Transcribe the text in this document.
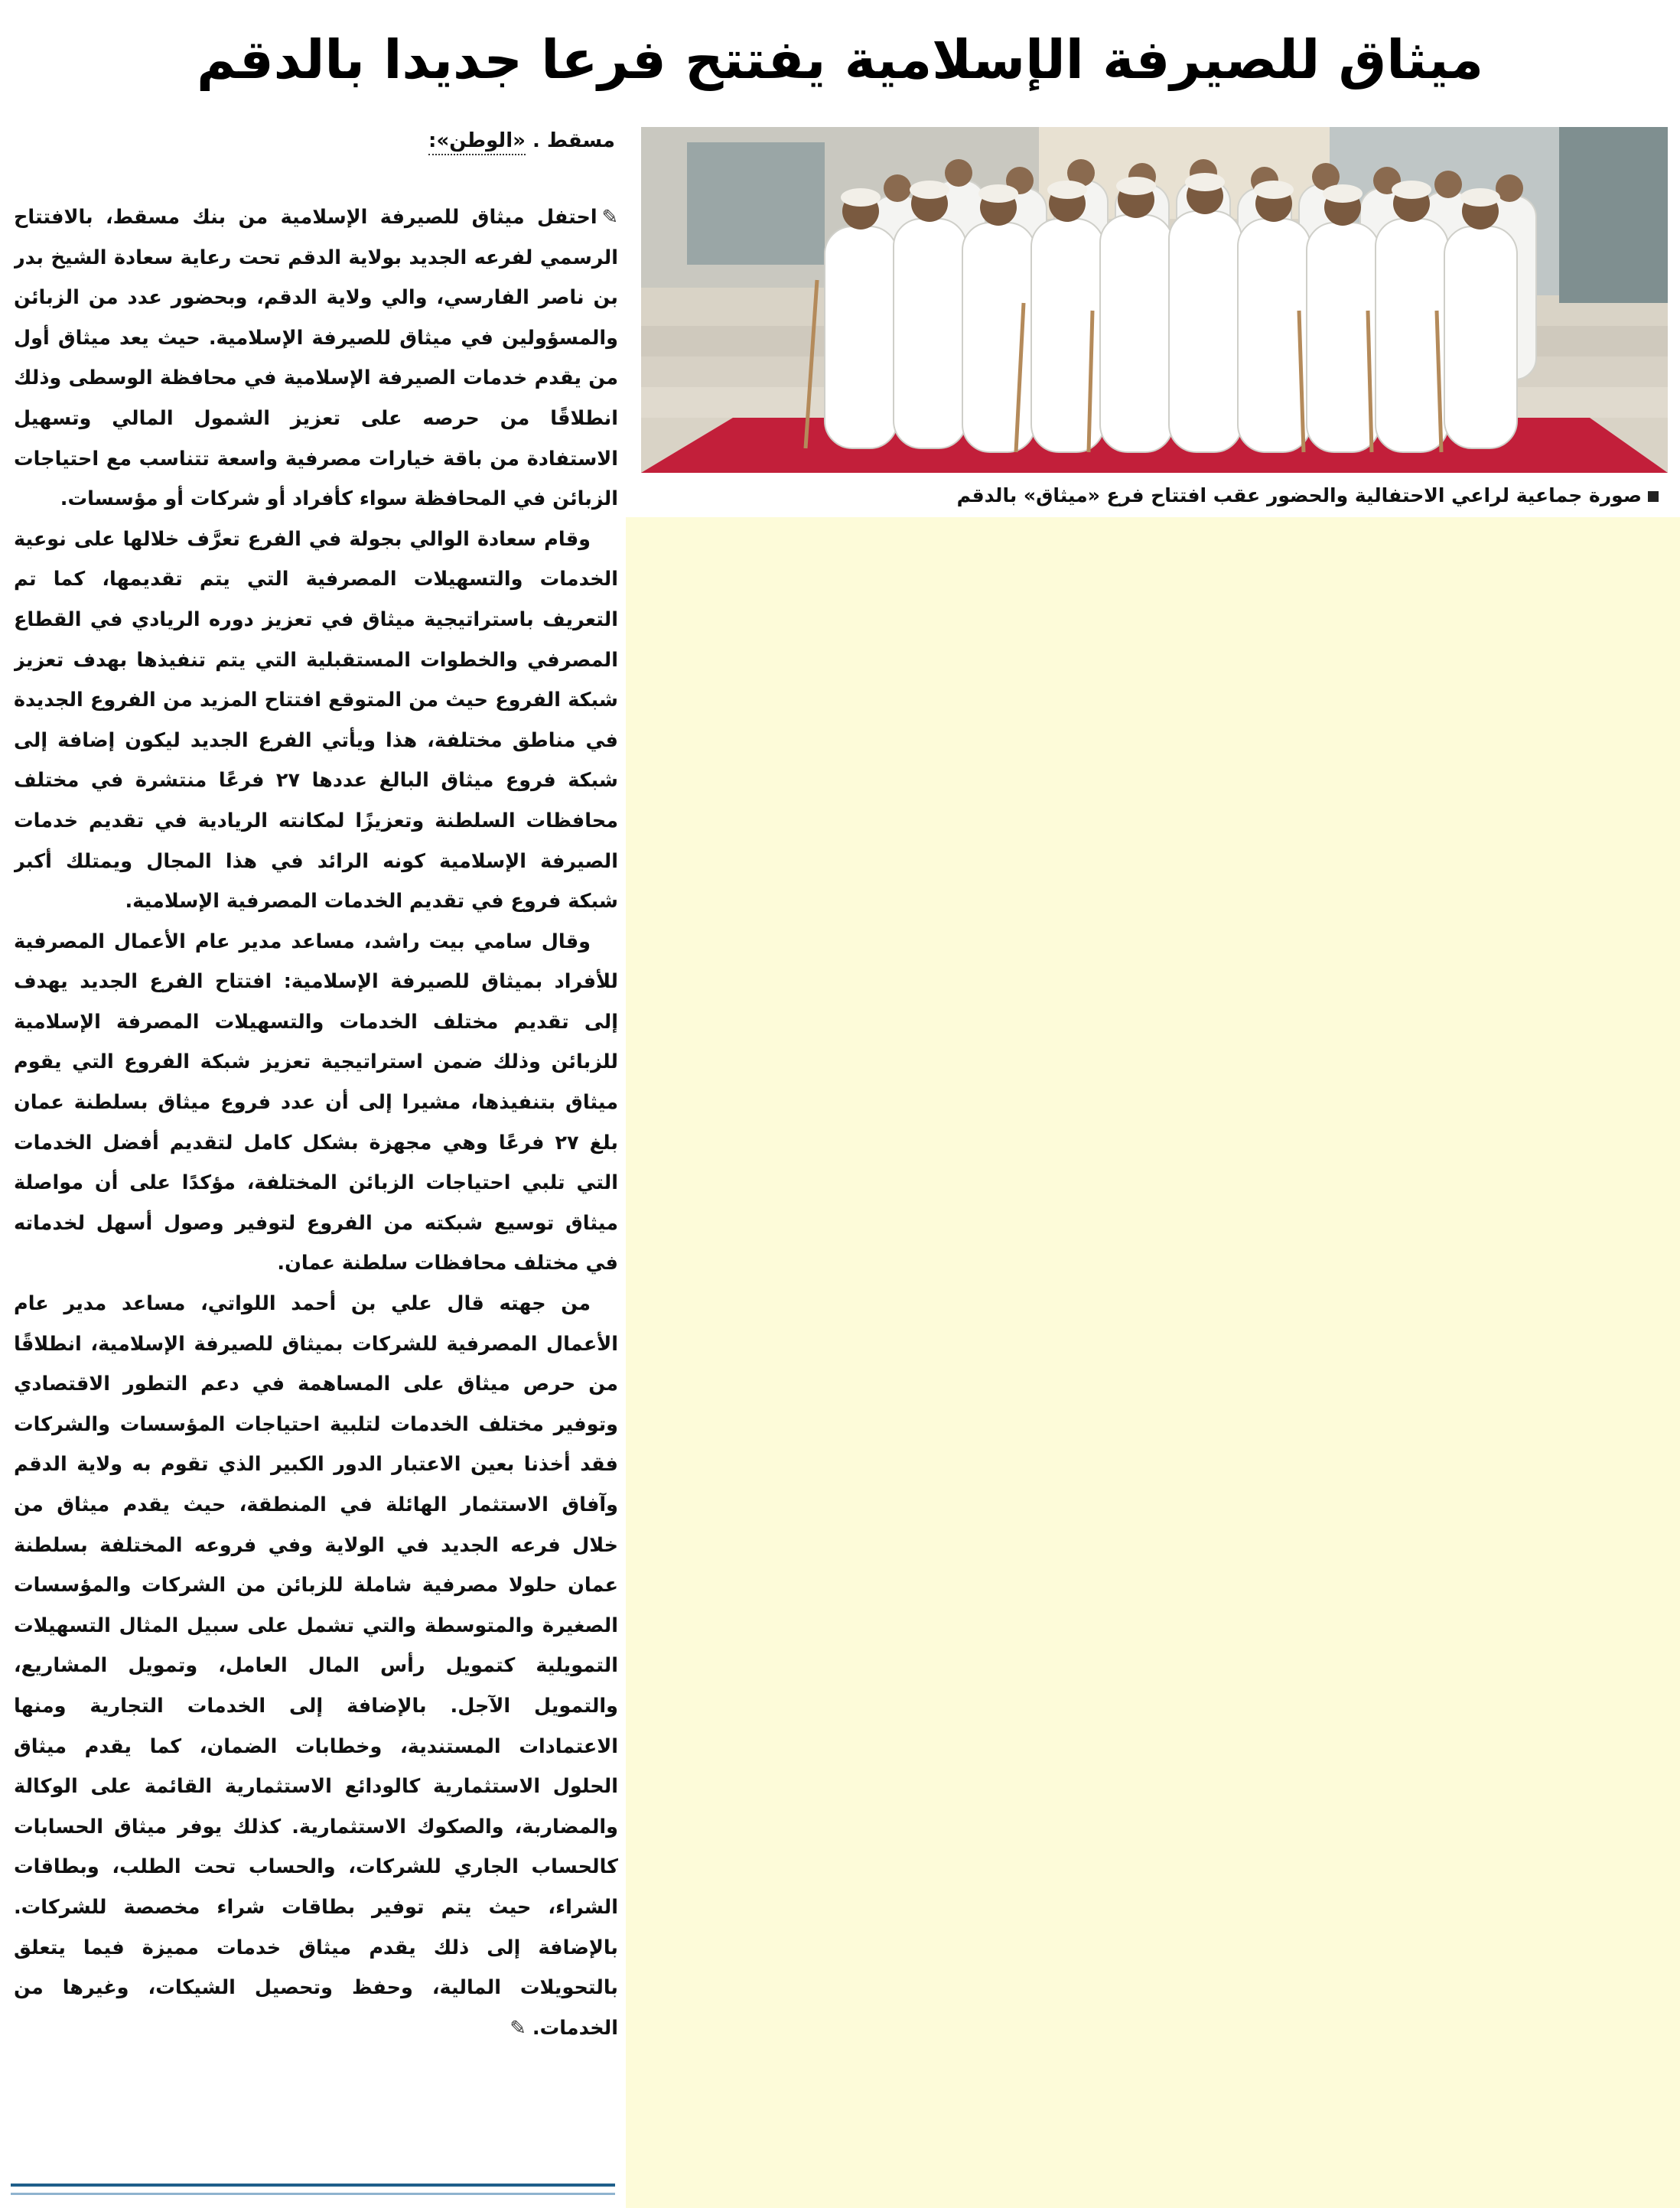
ميثاق للصيرفة الإسلامية يفتتح فرعا جديدا بالدقم
مسقط . «الوطن»:
صورة جماعية لراعي الاحتفالية والحضور عقب افتتاح فرع «ميثاق» بالدقم

✎احتفل ميثاق للصيرفة الإسلامية من بنك مسقط، بالافتتاح الرسمي لفرعه الجديد بولاية الدقم تحت رعاية سعادة الشيخ بدر بن ناصر الفارسي، والي ولاية الدقم، وبحضور عدد من الزبائن والمسؤولين في ميثاق للصيرفة الإسلامية. حيث يعد ميثاق أول من يقدم خدمات الصيرفة الإسلامية في محافظة الوسطى وذلك انطلاقًا من حرصه على تعزيز الشمول المالي وتسهيل الاستفادة من باقة خيارات مصرفية واسعة تتناسب مع احتياجات الزبائن في المحافظة سواء كأفراد أو شركات أو مؤسسات.

وقام سعادة الوالي بجولة في الفرع تعرَّف خلالها على نوعية الخدمات والتسهيلات المصرفية التي يتم تقديمها، كما تم التعريف باستراتيجية ميثاق في تعزيز دوره الريادي في القطاع المصرفي والخطوات المستقبلية التي يتم تنفيذها بهدف تعزيز شبكة الفروع حيث من المتوقع افتتاح المزيد من الفروع الجديدة في مناطق مختلفة، هذا ويأتي الفرع الجديد ليكون إضافة إلى شبكة فروع ميثاق البالغ عددها ٢٧ فرعًا منتشرة في مختلف محافظات السلطنة وتعزيزًا لمكانته الريادية في تقديم خدمات الصيرفة الإسلامية كونه الرائد في هذا المجال ويمتلك أكبر شبكة فروع في تقديم الخدمات المصرفية الإسلامية.

وقال سامي بيت راشد، مساعد مدير عام الأعمال المصرفية للأفراد بميثاق للصيرفة الإسلامية: افتتاح الفرع الجديد يهدف إلى تقديم مختلف الخدمات والتسهيلات المصرفة الإسلامية للزبائن وذلك ضمن استراتيجية تعزيز شبكة الفروع التي يقوم ميثاق بتنفيذها، مشيرا إلى أن عدد فروع ميثاق بسلطنة عمان بلغ ٢٧ فرعًا وهي مجهزة بشكل كامل لتقديم أفضل الخدمات التي تلبي احتياجات الزبائن المختلفة، مؤكدًا على أن مواصلة ميثاق توسيع شبكته من الفروع لتوفير وصول أسهل لخدماته في مختلف محافظات سلطنة عمان.

من جهته قال علي بن أحمد اللواتي، مساعد مدير عام الأعمال المصرفية للشركات بميثاق للصيرفة الإسلامية، انطلاقًا من حرص ميثاق على المساهمة في دعم التطور الاقتصادي وتوفير مختلف الخدمات لتلبية احتياجات المؤسسات والشركات فقد أخذنا بعين الاعتبار الدور الكبير الذي تقوم به ولاية الدقم وآفاق الاستثمار الهائلة في المنطقة، حيث يقدم ميثاق من خلال فرعه الجديد في الولاية وفي فروعه المختلفة بسلطنة عمان حلولا مصرفية شاملة للزبائن من الشركات والمؤسسات الصغيرة والمتوسطة والتي تشمل على سبيل المثال التسهيلات التمويلية كتمويل رأس المال العامل، وتمويل المشاريع، والتمويل الآجل. بالإضافة إلى الخدمات التجارية ومنها الاعتمادات المستندية، وخطابات الضمان، كما يقدم ميثاق الحلول الاستثمارية كالودائع الاستثمارية القائمة على الوكالة والمضاربة، والصكوك الاستثمارية. كذلك يوفر ميثاق الحسابات كالحساب الجاري للشركات، والحساب تحت الطلب، وبطاقات الشراء، حيث يتم توفير بطاقات شراء مخصصة للشركات. بالإضافة إلى ذلك يقدم ميثاق خدمات مميزة فيما يتعلق بالتحويلات المالية، وحفظ وتحصيل الشيكات، وغيرها من الخدمات. ✎
